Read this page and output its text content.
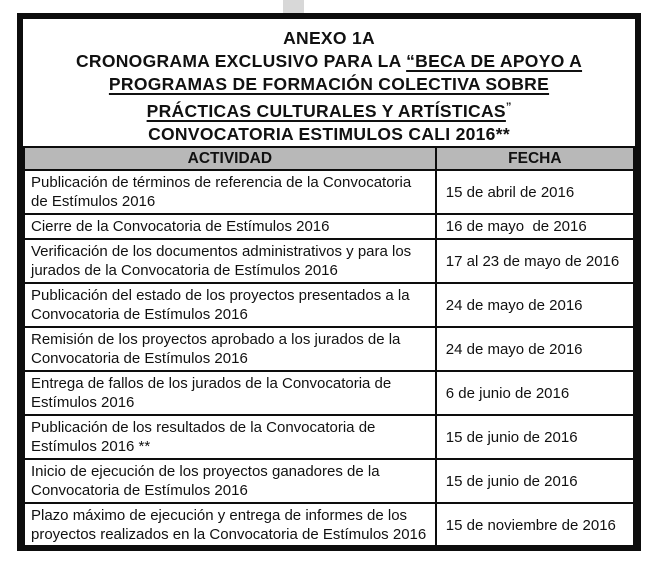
ANEXO 1A
CRONOGRAMA EXCLUSIVO PARA LA “BECA DE APOYO A
PROGRAMAS DE FORMACIÓN COLECTIVA SOBRE
PRÁCTICAS CULTURALES Y ARTÍSTICAS”
CONVOCATORIA ESTIMULOS CALI 2016**
ACTIVIDAD	FECHA
Publicación de términos de referencia de la Convocatoria de Estímulos 2016	15 de abril de 2016
Cierre de la Convocatoria de Estímulos 2016	16 de mayo  de 2016
Verificación de los documentos administrativos y para los jurados de la Convocatoria de Estímulos 2016	17 al 23 de mayo de 2016
Publicación del estado de los proyectos presentados a la Convocatoria de Estímulos 2016	24 de mayo de 2016
Remisión de los proyectos aprobado a los jurados de la Convocatoria de Estímulos 2016	24 de mayo de 2016
Entrega de fallos de los jurados de la Convocatoria de Estímulos 2016	6 de junio de 2016
Publicación de los resultados de la Convocatoria de Estímulos 2016 **	15 de junio de 2016
Inicio de ejecución de los proyectos ganadores de la Convocatoria de Estímulos 2016	15 de junio de 2016
Plazo máximo de ejecución y entrega de informes de los proyectos realizados en la Convocatoria de Estímulos 2016	15 de noviembre de 2016
